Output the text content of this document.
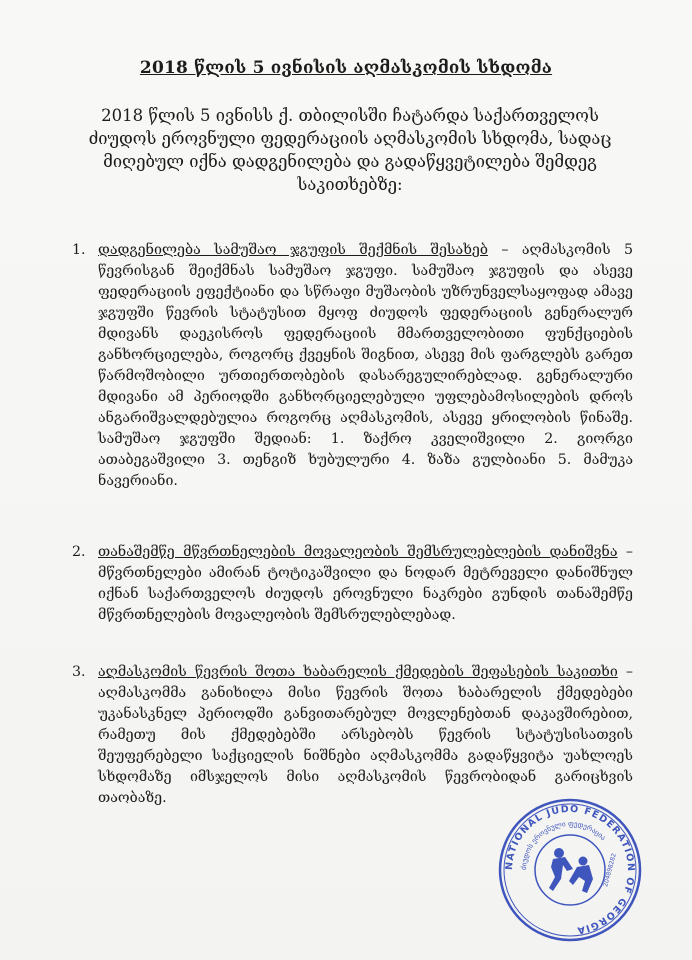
2018 წლის 5 ივნისის აღმასკომის სხდომა
2018 წლის 5 ივნისს ქ. თბილისში ჩატარდა საქართველოს ძიუდოს ეროვნული ფედერაციის აღმასკომის სხდომა, სადაც მიღებულ იქნა დადგენილება და გადაწყვეტილება შემდეგ საკითხებზე:
1. დადგენილება სამუშაო ჯგუფის შექმნის შესახებ – აღმასკომის 5 წევრისგან შეიქმნას სამუშაო ჯგუფი. სამუშაო ჯგუფის და ასევე ფედერაციის ეფექტიანი და სწრაფი მუშაობის უზრუნველსაყოფად ამავე ჯგუფში წევრის სტატუსით მყოფ ძიუდოს ფედერაციის გენერალურ მდივანს დაეკისროს ფედერაციის მმართველობითი ფუნქციების განხორციელება, როგორც ქვეყნის შიგნით, ასევე მის ფარგლებს გარეთ წარმოშობილი ურთიერთობების დასარეგულირებლად. გენერალური მდივანი ამ პერიოდში განხორციელებული უფლებამოსილების დროს ანგარიშვალდებულია როგორც აღმასკომის, ასევე ყრილობის წინაშე. სამუშაო ჯგუფში შედიან: 1. ზაქრო კველიშვილი 2. გიორგი ათაბეგაშვილი 3. თენგიზ ხუბულური 4. ზაზა გულბიანი 5. მამუკა ნავერიანი.
2. თანაშემწე მწვრთნელების მოვალეობის შემსრულებლების დანიშვნა – მწვრთნელები ამირან ტოტიკაშვილი და ნოდარ მეტრეველი დანიშნულ იქნან საქართველოს ძიუდოს ეროვნული ნაკრები გუნდის თანაშემწე მწვრთნელების მოვალეობის შემსრულებლებად.
3. აღმასკომის წევრის შოთა ხაბარელის ქმედების შეფასების საკითხი – აღმასკომმა განიხილა მისი წევრის შოთა ხაბარელის ქმედებები უკანასკნელ პერიოდში განვითარებულ მოვლენებთან დაკავშირებით, რამეთუ მის ქმედებებში არსებობს წევრის სტატუსისათვის შეუფერებელი საქციელის ნიშნები აღმასკომმა გადაწყვიტა უახლოეს სხდომაზე იმსჯელოს მისი აღმასკომის წევრობიდან გარიცხვის თაობაზე.
NATIONAL JUDO FEDERATION OF GEORGIA
ძიუდოს ეროვნული ფედერაცია
204898282
